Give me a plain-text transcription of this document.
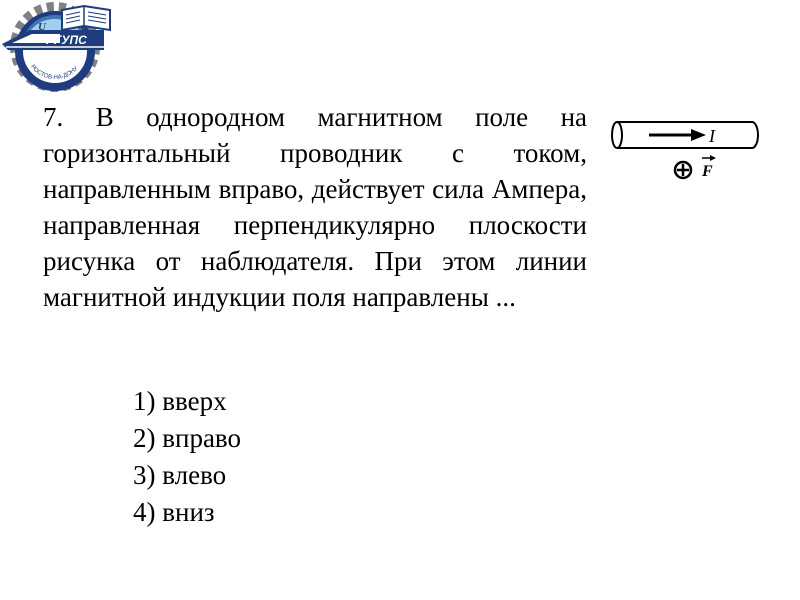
U
РГУПС
РОСТОВ-НА-ДОНУ

7. В однородном магнитном поле на горизонтальный проводник с током, направленным вправо, действует сила Ампера, направленная перпендикулярно плоскости рисунка от наблюдателя. При этом линии магнитной индукции поля направлены ...

I
F
1) вверх
2) вправо
3) влево
4) вниз
